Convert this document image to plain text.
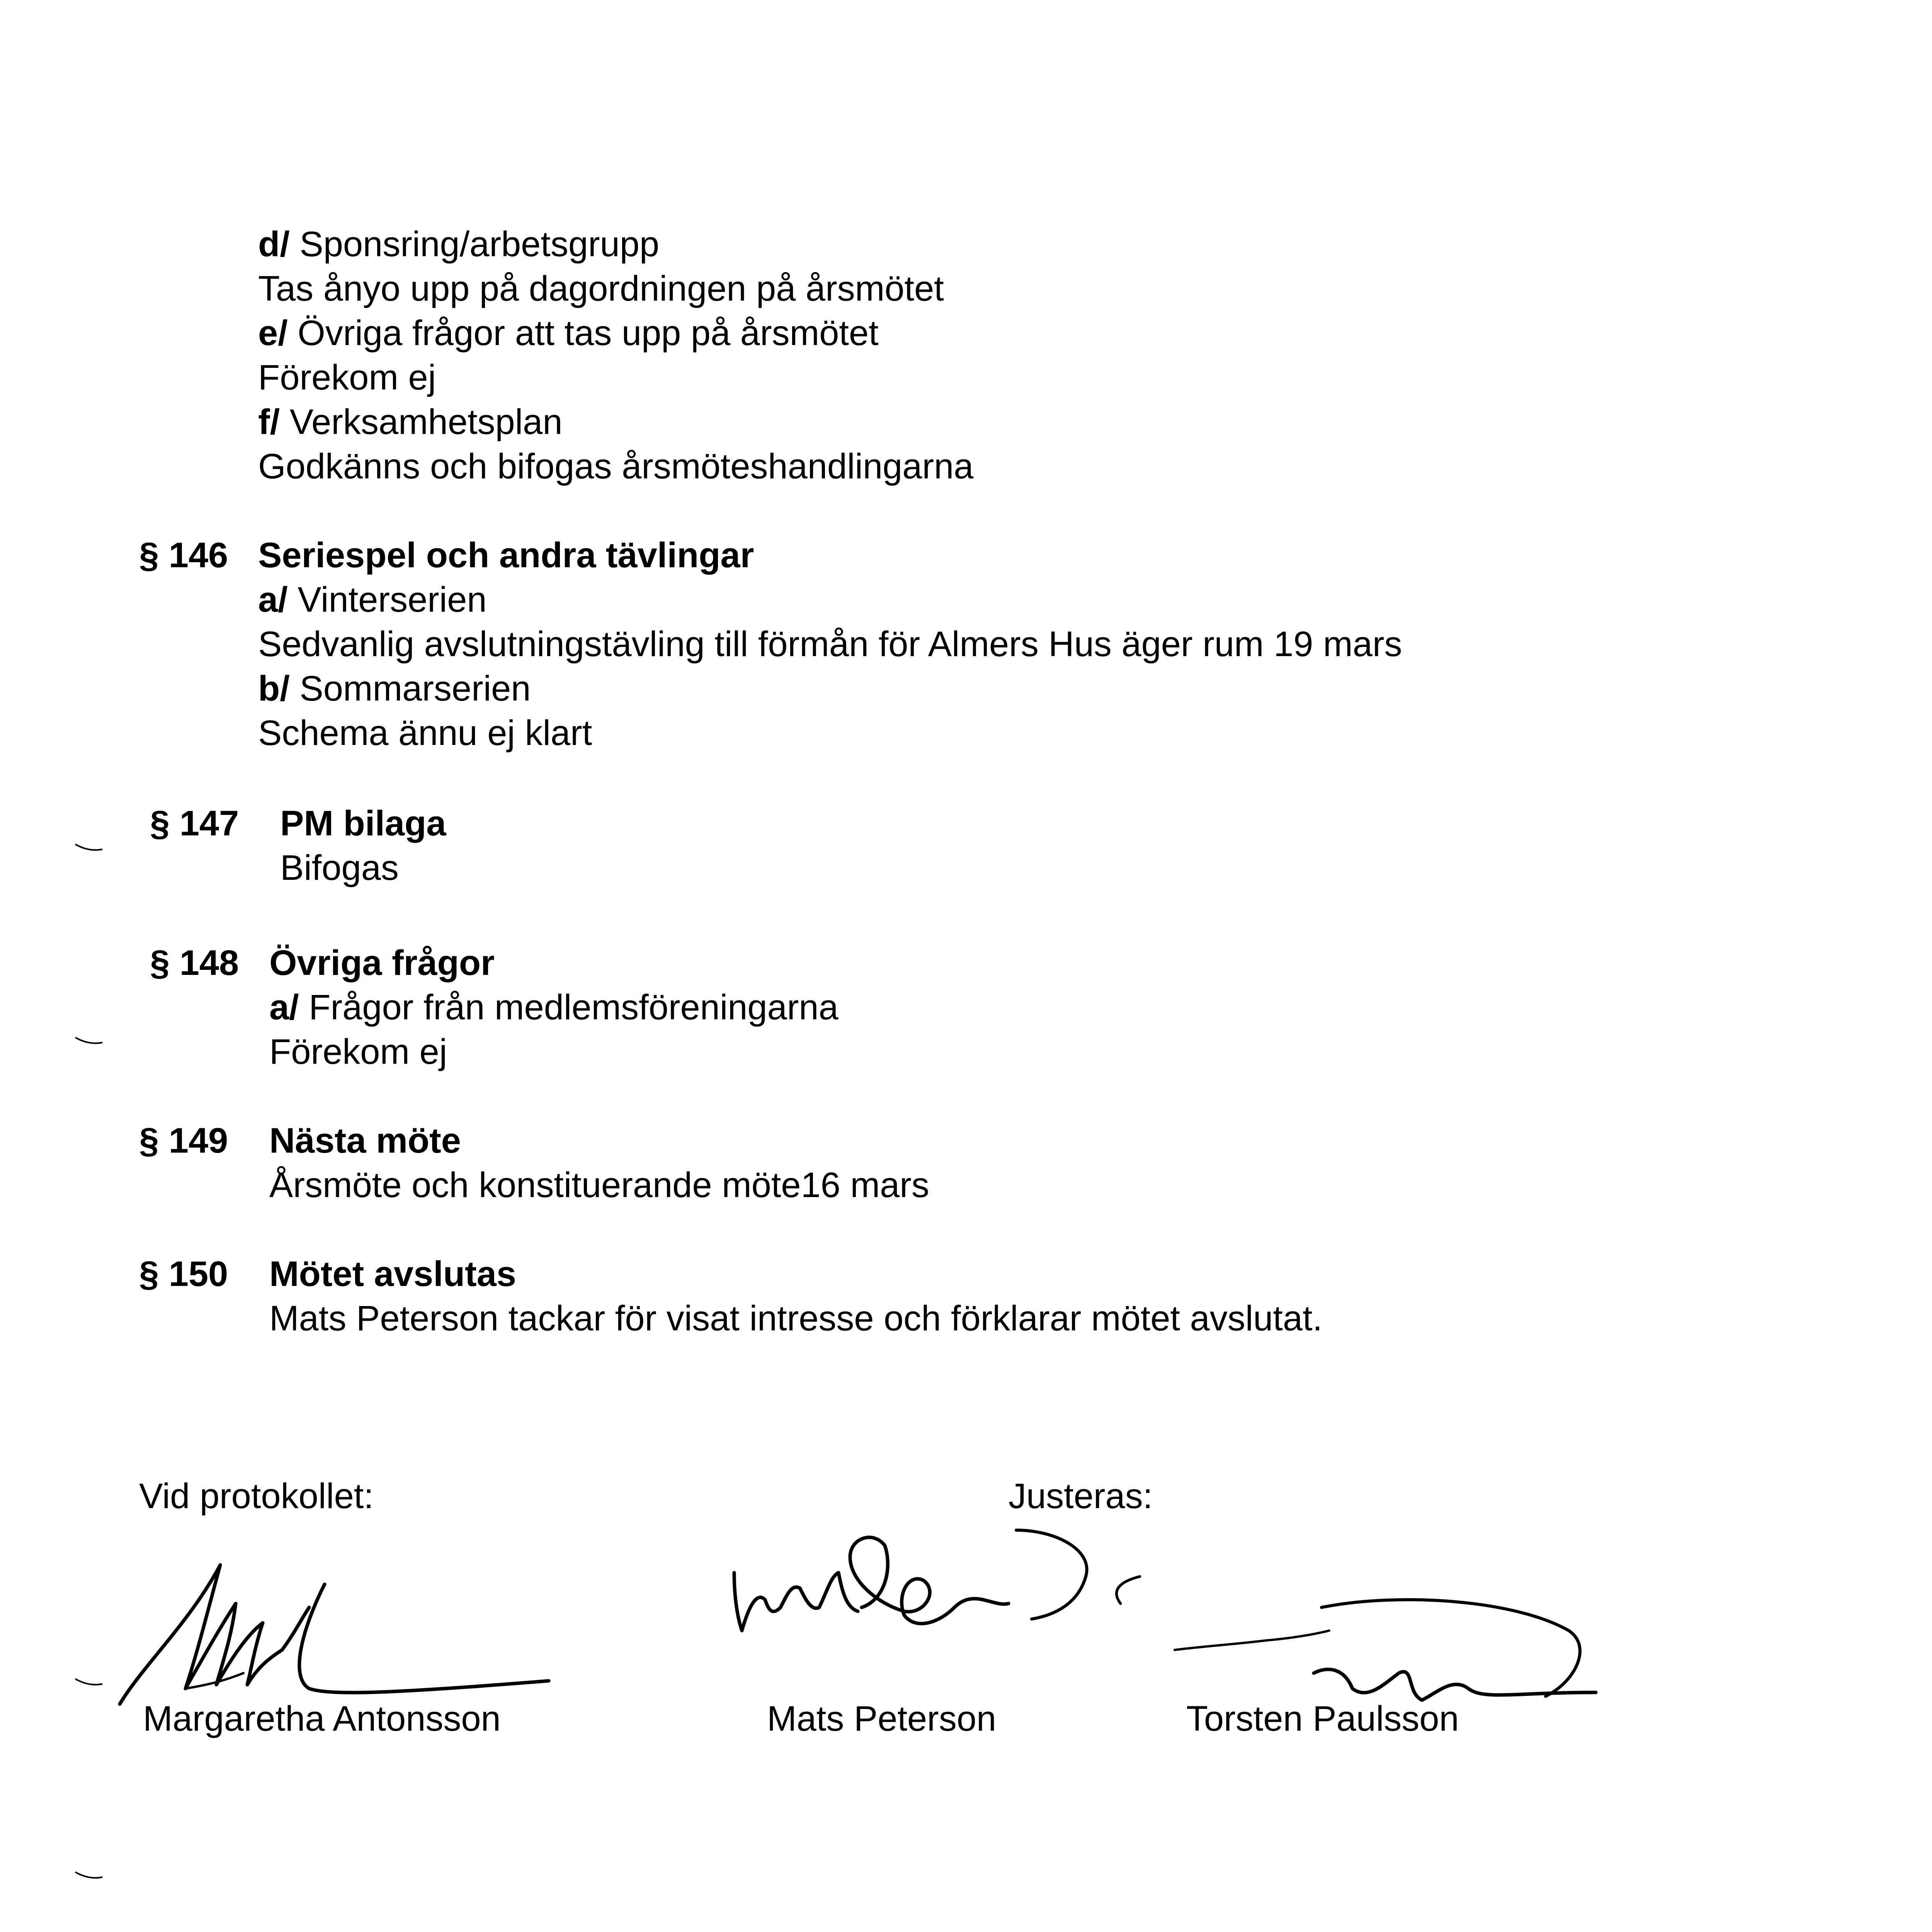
d/ Sponsring/arbetsgrupp
Tas ånyo upp på dagordningen på årsmötet
e/ Övriga frågor att tas upp på årsmötet
Förekom ej
f/ Verksamhetsplan
Godkänns och bifogas årsmöteshandlingarna
§ 146 Seriespel och andra tävlingar
a/ Vinterserien
Sedvanlig avslutningstävling till förmån för Almers Hus äger rum 19 mars
b/ Sommarserien
Schema ännu ej klart
§ 147 PM bilaga
Bifogas
§ 148 Övriga frågor
a/ Frågor från medlemsföreningarna
Förekom ej
§ 149 Nästa möte
Årsmöte och konstituerande möte16 mars
§ 150 Mötet avslutas
Mats Peterson tackar för visat intresse och förklarar mötet avslutat.
Vid protokollet:	Justeras:
Margaretha Antonsson	Mats Peterson	Torsten Paulsson
